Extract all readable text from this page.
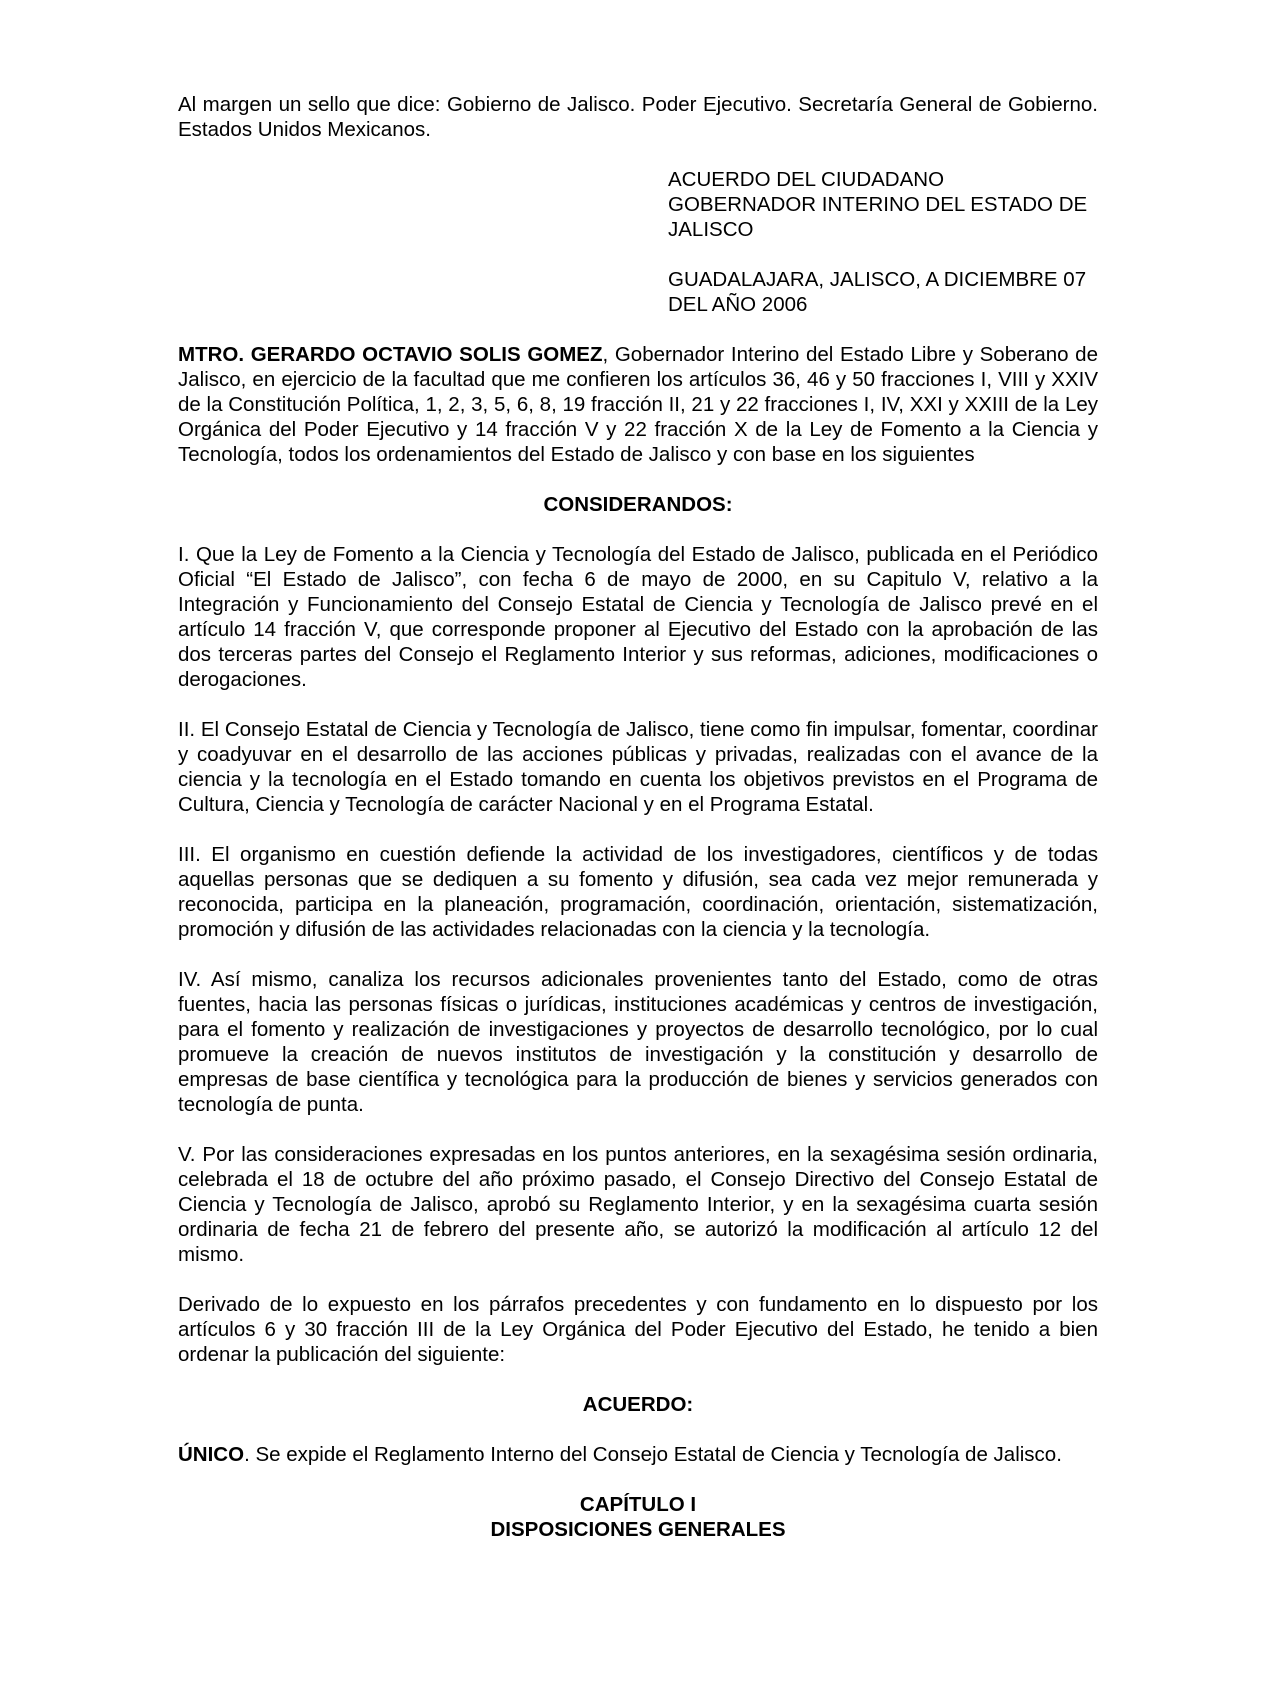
Al margen un sello que dice: Gobierno de Jalisco. Poder Ejecutivo. Secretaría General de Gobierno. Estados Unidos Mexicanos.

ACUERDO DEL CIUDADANO
GOBERNADOR INTERINO DEL ESTADO DE
JALISCO
GUADALAJARA, JALISCO, A DICIEMBRE 07
DEL AÑO 2006

MTRO. GERARDO OCTAVIO SOLIS GOMEZ, Gobernador Interino del Estado Libre y Soberano de Jalisco, en ejercicio de la facultad que me confieren los artículos 36, 46 y 50 fracciones I, VIII y XXIV de la Constitución Política, 1, 2, 3, 5, 6, 8, 19 fracción II, 21 y 22 fracciones I, IV, XXI y XXIII de la Ley Orgánica del Poder Ejecutivo y 14 fracción V y 22 fracción X de la Ley de Fomento a la Ciencia y Tecnología, todos los ordenamientos del Estado de Jalisco y con base en los siguientes

CONSIDERANDOS:

I. Que la Ley de Fomento a la Ciencia y Tecnología del Estado de Jalisco, publicada en el Periódico Oficial “El Estado de Jalisco”, con fecha 6 de mayo de 2000, en su Capitulo V, relativo a la Integración y Funcionamiento del Consejo Estatal de Ciencia y Tecnología de Jalisco prevé en el artículo 14 fracción V, que corresponde proponer al Ejecutivo del Estado con la aprobación de las dos terceras partes del Consejo el Reglamento Interior y sus reformas, adiciones, modificaciones o derogaciones.

II. El Consejo Estatal de Ciencia y Tecnología de Jalisco, tiene como fin impulsar, fomentar, coordinar y coadyuvar en el desarrollo de las acciones públicas y privadas, realizadas con el avance de la ciencia y la tecnología en el Estado tomando en cuenta los objetivos previstos en el Programa de Cultura, Ciencia y Tecnología de carácter Nacional y en el Programa Estatal.

III. El organismo en cuestión defiende la actividad de los investigadores, científicos y de todas aquellas personas que se dediquen a su fomento y difusión, sea cada vez mejor remunerada y reconocida, participa en la planeación, programación, coordinación, orientación, sistematización, promoción y difusión de las actividades relacionadas con la ciencia y la tecnología.

IV. Así mismo, canaliza los recursos adicionales provenientes tanto del Estado, como de otras fuentes, hacia las personas físicas o jurídicas, instituciones académicas y centros de investigación, para el fomento y realización de investigaciones y proyectos de desarrollo tecnológico, por lo cual promueve la creación de nuevos institutos de investigación y la constitución y desarrollo de empresas de base científica y tecnológica para la producción de bienes y servicios generados con tecnología de punta.

V. Por las consideraciones expresadas en los puntos anteriores, en la sexagésima sesión ordinaria, celebrada el 18 de octubre del año próximo pasado, el Consejo Directivo del Consejo Estatal de Ciencia y Tecnología de Jalisco, aprobó su Reglamento Interior, y en la sexagésima cuarta sesión ordinaria de fecha 21 de febrero del presente año, se autorizó la modificación al artículo 12 del mismo.

Derivado de lo expuesto en los párrafos precedentes y con fundamento en lo dispuesto por los artículos 6 y 30 fracción III de la Ley Orgánica del Poder Ejecutivo del Estado, he tenido a bien ordenar la publicación del siguiente:

ACUERDO:

ÚNICO. Se expide el Reglamento Interno del Consejo Estatal de Ciencia y Tecnología de Jalisco.

CAPÍTULO I
DISPOSICIONES GENERALES
